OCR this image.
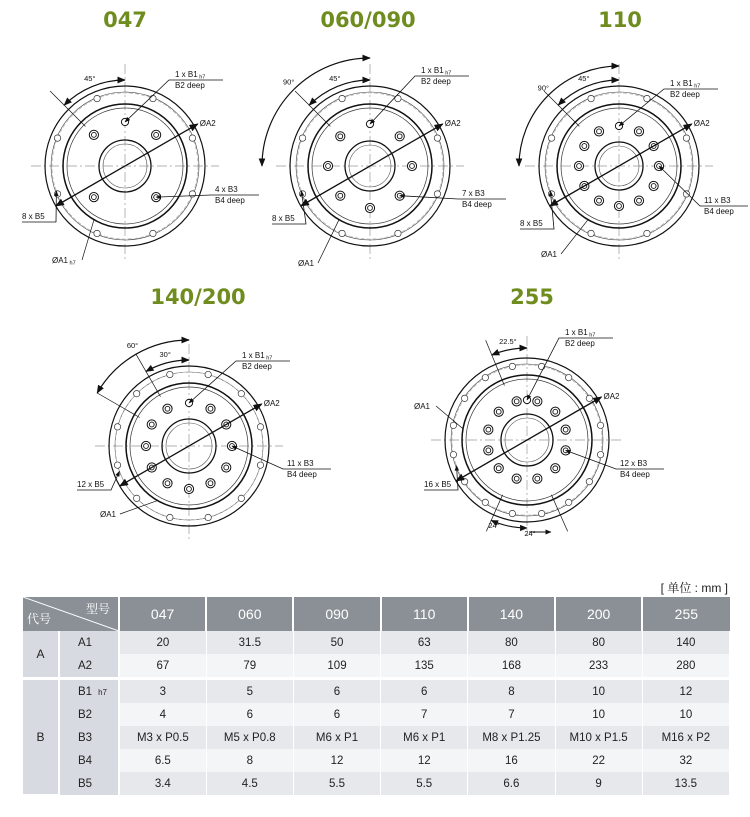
047	060/090	110
140/200	255
ØA2
ØA1 h7
1 x B1 h7
B2 deep
4 x B3
B4 deep
8 x B5
45°
ØA2
ØA1
1 x B1 h7
B2 deep
7 x B3
B4 deep
8 x B5
45°
90°
ØA2
ØA1
1 x B1 h7
B2 deep
11 x B3
B4 deep
8 x B5
45°
90°
ØA2
ØA1
1 x B1 h7
B2 deep
11 x B3
B4 deep
12 x B5
30°
60°
ØA2
ØA1
1 x B1 h7
B2 deep
12 x B3
B4 deep
16 x B5
22.5°
24°
24°
[ 单位 : mm ]
型号
代号		047	060	090	110	140	200	255
A	A1	20	31.5	50	63	80	80	140
	A2	67	79	109	135	168	233	280
B	B1 h7	3	5	6	6	8	10	12
	B2	4	6	6	7	7	10	10
	B3	M3 x P0.5	M5 x P0.8	M6 x P1	M6 x P1	M8 x P1.25	M10 x P1.5	M16 x P2
	B4	6.5	8	12	12	16	22	32
	B5	3.4	4.5	5.5	5.5	6.6	9	13.5
